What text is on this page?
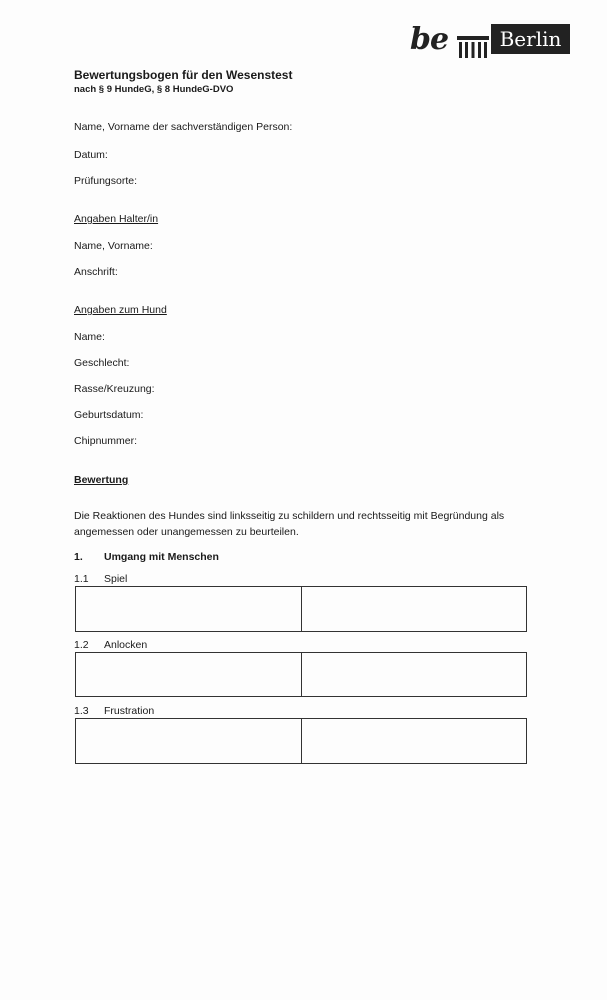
be	Berlin
Bewertungsbogen für den Wesenstest
nach § 9 HundeG, § 8 HundeG-DVO
Name, Vorname der sachverständigen Person:
Datum:
Prüfungsorte:
Angaben Halter/in
Name, Vorname:
Anschrift:
Angaben zum Hund
Name:
Geschlecht:
Rasse/Kreuzung:
Geburtsdatum:
Chipnummer:
Bewertung
Die Reaktionen des Hundes sind linksseitig zu schildern und rechtsseitig mit Begründung als angemessen oder unangemessen zu beurteilen.
1. Umgang mit Menschen
1.1 Spiel
1.2 Anlocken
1.3 Frustration
